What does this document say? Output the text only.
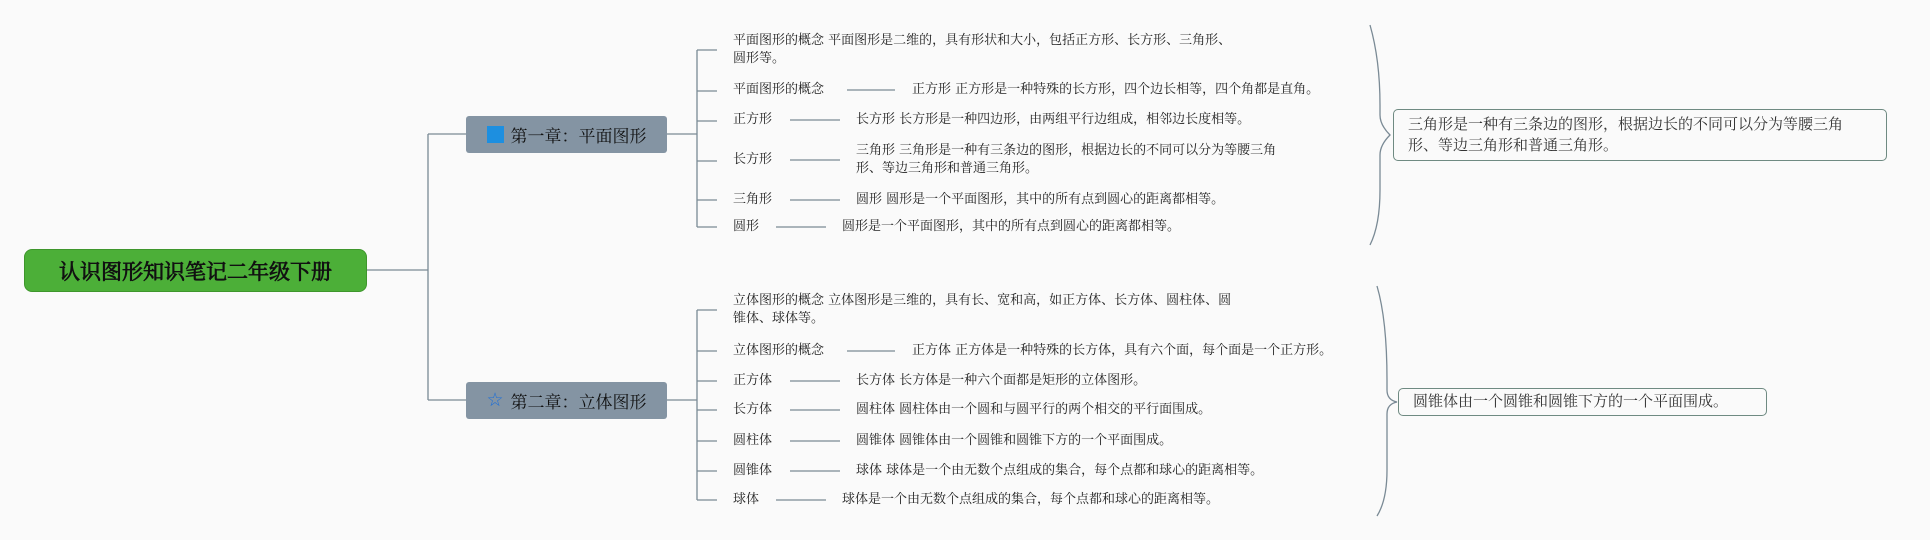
认识图形知识笔记二年级下册
第一章：平面图形
☆ 第二章：立体图形
平面图形的概念 平面图形是二维的，具有形状和大小，包括正方形、长方形、三角形、圆形等。
平面图形的概念	正方形 正方形是一种特殊的长方形，四个边长相等，四个角都是直角。
正方形	长方形 长方形是一种四边形，由两组平行边组成，相邻边长度相等。
长方形
三角形 三角形是一种有三条边的图形，根据边长的不同可以分为等腰三角形、等边三角形和普通三角形。
三角形	圆形 圆形是一个平面图形，其中的所有点到圆心的距离都相等。
圆形	圆形是一个平面图形，其中的所有点到圆心的距离都相等。
三角形是一种有三条边的图形，根据边长的不同可以分为等腰三角形、等边三角形和普通三角形。
立体图形的概念 立体图形是三维的，具有长、宽和高，如正方体、长方体、圆柱体、圆锥体、球体等。
立体图形的概念	正方体 正方体是一种特殊的长方体，具有六个面，每个面是一个正方形。
正方体	长方体 长方体是一种六个面都是矩形的立体图形。
长方体	圆柱体 圆柱体由一个圆和与圆平行的两个相交的平行面围成。
圆柱体	圆锥体 圆锥体由一个圆锥和圆锥下方的一个平面围成。
圆锥体	球体 球体是一个由无数个点组成的集合，每个点都和球心的距离相等。
球体	球体是一个由无数个点组成的集合，每个点都和球心的距离相等。
圆锥体由一个圆锥和圆锥下方的一个平面围成。
